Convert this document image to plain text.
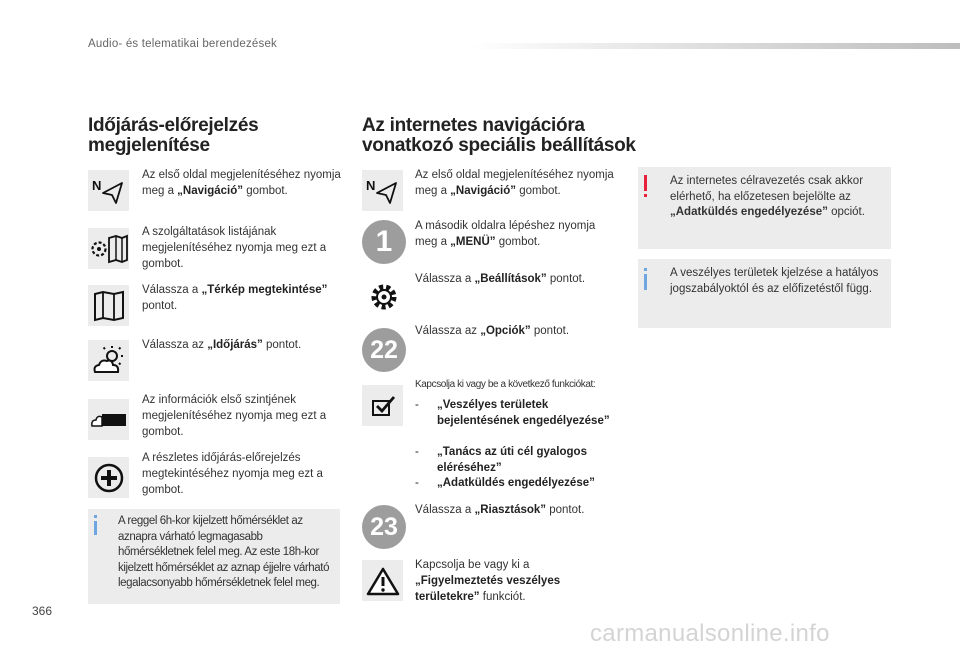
Audio- és telematikai berendezések
Időjárás-előrejelzés
megjelenítése
N
Az első oldal megjelenítéséhez nyomja meg a „Navigáció” gombot.
A szolgáltatások listájának megjelenítéséhez nyomja meg ezt a gombot.
Válassza a „Térkép megtekintése” pontot.
Válassza az „Időjárás” pontot.
Az információk első szintjének megjelenítéséhez nyomja meg ezt a gombot.
A részletes időjárás-előrejelzés megtekintéséhez nyomja meg ezt a gombot.
A reggel 6h-kor kijelzett hőmérséklet az aznapra várható legmagasabb hőmérsékletnek felel meg. Az este 18h-kor kijelzett hőmérséklet az aznap éjjelre várható legalacsonyabb hőmérsékletnek felel meg.
Az internetes navigációra
vonatkozó speciális beállítások
N
Az első oldal megjelenítéséhez nyomja meg a „Navigáció” gombot.
1	A második oldalra lépéshez nyomja meg a „MENÜ” gombot.
Válassza a „Beállítások” pontot.
22
Válassza az „Opciók” pontot.
Kapcsolja ki vagy be a következő funkciókat:
- „Veszélyes területek bejelentésének engedélyezése”
- „Tanács az úti cél gyalogos eléréséhez”
- „Adatküldés engedélyezése”
23
Válassza a „Riasztások” pontot.
Kapcsolja be vagy ki a „Figyelmeztetés veszélyes területekre” funkciót.
Az internetes célravezetés csak akkor elérhető, ha előzetesen bejelölte az „Adatküldés engedélyezése” opciót.
A veszélyes területek kjelzése a hatályos jogszabályoktól és az előfizetéstől függ.
366
carmanualsonline.info
